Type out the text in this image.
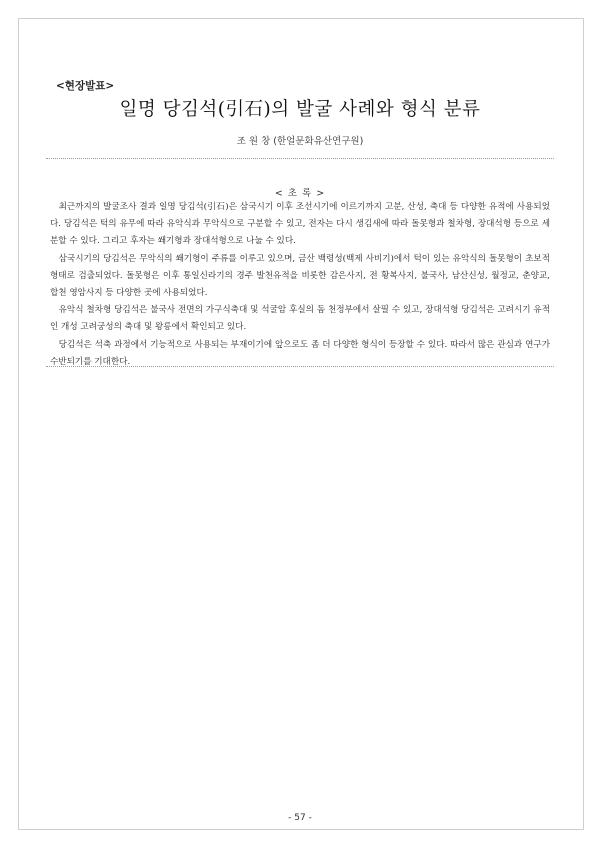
<현장발표>
일명 당김석(引石)의 발굴 사례와 형식 분류
조 원 창 (한얼문화유산연구원)
< 초 록 >

최근까지의 발굴조사 결과 일명 당김석(引石)은 삼국시기 이후 조선시기에 이르기까지 고분, 산성, 축대 등 다양한 유적에 사용되었다. 당김석은 턱의 유무에 따라 유악식과 무악식으로 구분할 수 있고, 전자는 다시 생김새에 따라 돌못형과 철차형, 장대석형 등으로 세분할 수 있다. 그리고 후자는 쐐기형과 장대석형으로 나눌 수 있다.

삼국시기의 당김석은 무악식의 쐐기형이 주류를 이루고 있으며, 금산 백령성(백제 사비기)에서 턱이 있는 유악식의 돌못형이 초보적 형태로 검출되었다. 돌못형은 이후 통일신라기의 경주 발천유적을 비롯한 감은사지, 전 황복사지, 불국사, 남산신성, 월정교, 춘양교, 합천 영암사지 등 다양한 곳에 사용되었다.

유악식 철차형 당김석은 불국사 전면의 가구식축대 및 석굴암 후실의 돔 천정부에서 살필 수 있고, 장대석형 당김석은 고려시기 유적인 개성 고려궁성의 축대 및 왕릉에서 확인되고 있다.

당김석은 석축 과정에서 기능적으로 사용되는 부재이기에 앞으로도 좀 더 다양한 형식이 등장할 수 있다. 따라서 많은 관심과 연구가 수반되기를 기대한다.

- 57 -
